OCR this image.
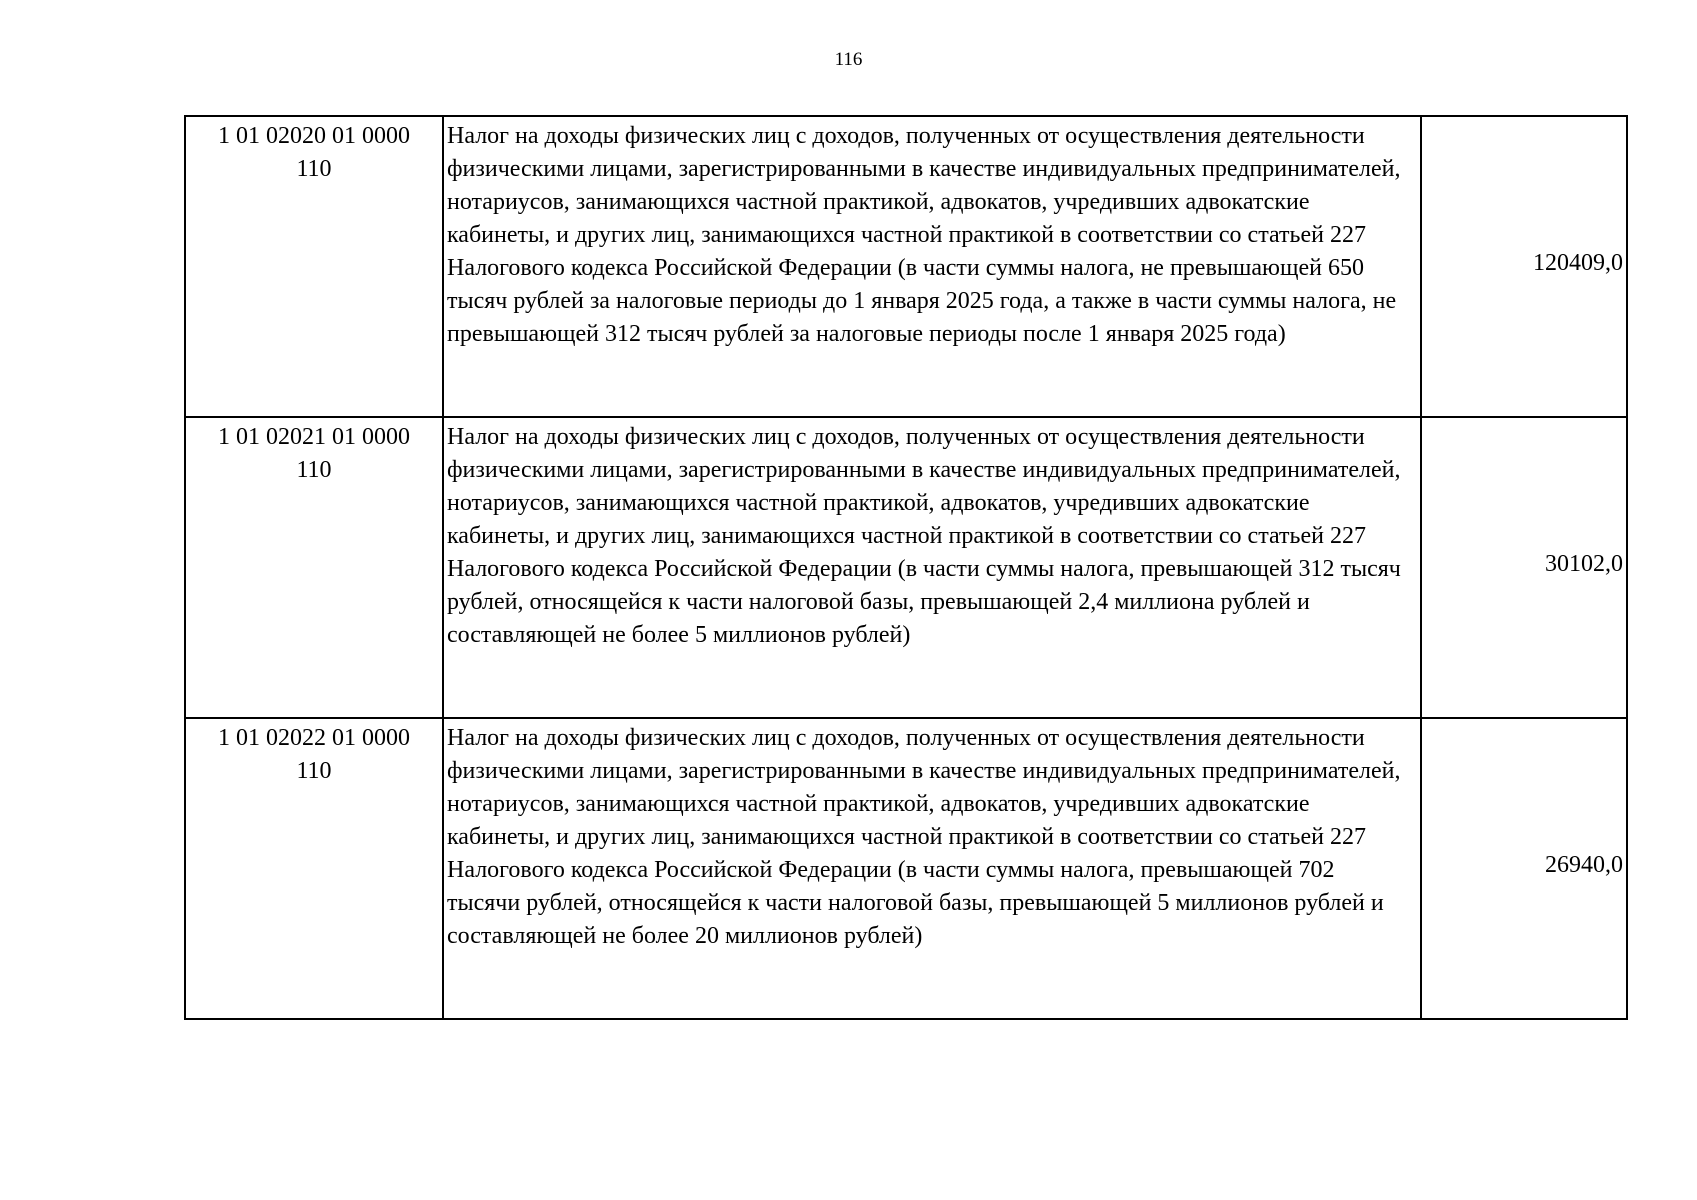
116
1 01 02020 01 0000 110	Налог на доходы физических лиц с доходов, полученных от осуществления деятельности физическими лицами, зарегистрированными в качестве индивидуальных предпринимателей, нотариусов, занимающихся частной практикой, адвокатов, учредивших адвокатские кабинеты, и других лиц, занимающихся частной практикой в соответствии со статьей 227 Налогового кодекса Российской Федерации (в части суммы налога, не превышающей 650 тысяч рублей за налоговые периоды до 1 января 2025 года, а также в части суммы налога, не превышающей 312 тысяч рублей за налоговые периоды после 1 января 2025 года)	120409,0

1 01 02021 01 0000 110	Налог на доходы физических лиц с доходов, полученных от осуществления деятельности физическими лицами, зарегистрированными в качестве индивидуальных предпринимателей, нотариусов, занимающихся частной практикой, адвокатов, учредивших адвокатские кабинеты, и других лиц, занимающихся частной практикой в соответствии со статьей 227 Налогового кодекса Российской Федерации (в части суммы налога, превышающей 312 тысяч рублей, относящейся к части налоговой базы, превышающей 2,4 миллиона рублей и составляющей не более 5 миллионов рублей)	30102,0

1 01 02022 01 0000 110	Налог на доходы физических лиц с доходов, полученных от осуществления деятельности физическими лицами, зарегистрированными в качестве индивидуальных предпринимателей, нотариусов, занимающихся частной практикой, адвокатов, учредивших адвокатские кабинеты, и других лиц, занимающихся частной практикой в соответствии со статьей 227 Налогового кодекса Российской Федерации (в части суммы налога, превышающей 702 тысячи рублей, относящейся к части налоговой базы, превышающей 5 миллионов рублей и составляющей не более 20 миллионов рублей)	26940,0
